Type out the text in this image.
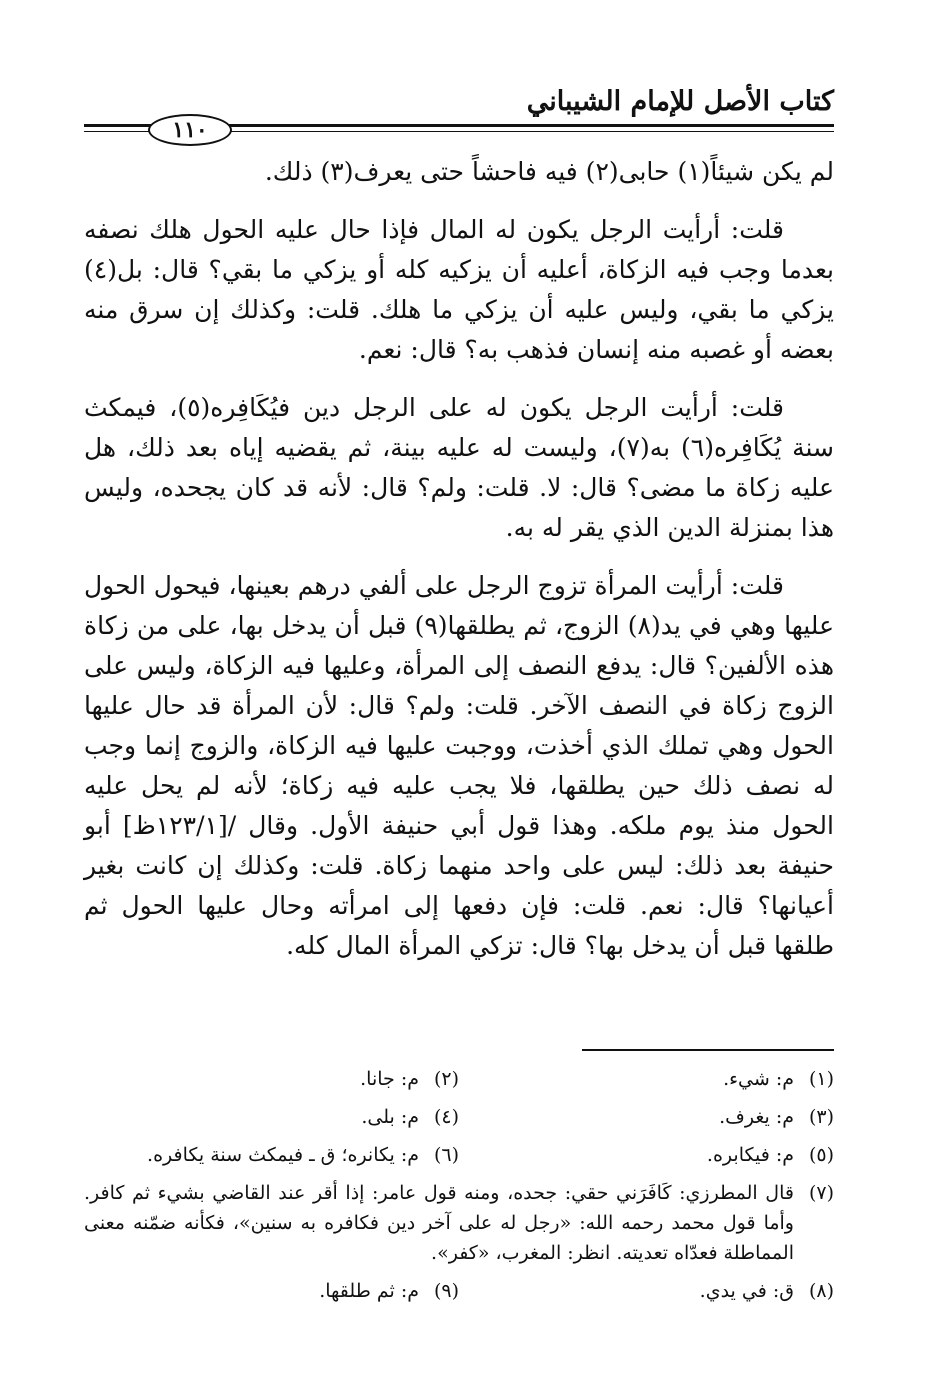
كتاب الأصل للإمام الشيباني
١١٠

لم يكن شيئاً(١) حابى(٢) فيه فاحشاً حتى يعرف(٣) ذلك.

قلت: أرأيت الرجل يكون له المال فإذا حال عليه الحول هلك نصفه بعدما وجب فيه الزكاة، أعليه أن يزكيه كله أو يزكي ما بقي؟ قال: بل(٤) يزكي ما بقي، وليس عليه أن يزكي ما هلك. قلت: وكذلك إن سرق منه بعضه أو غصبه منه إنسان فذهب به؟ قال: نعم.

قلت: أرأيت الرجل يكون له على الرجل دين فيُكَافِره(٥)، فيمكث سنة يُكَافِره(٦) به(٧)، وليست له عليه بينة، ثم يقضيه إياه بعد ذلك، هل عليه زكاة ما مضى؟ قال: لا. قلت: ولم؟ قال: لأنه قد كان يجحده، وليس هذا بمنزلة الدين الذي يقر له به.

قلت: أرأيت المرأة تزوج الرجل على ألفي درهم بعينها، فيحول الحول عليها وهي في يد(٨) الزوج، ثم يطلقها(٩) قبل أن يدخل بها، على من زكاة هذه الألفين؟ قال: يدفع النصف إلى المرأة، وعليها فيه الزكاة، وليس على الزوج زكاة في النصف الآخر. قلت: ولم؟ قال: لأن المرأة قد حال عليها الحول وهي تملك الذي أخذت، ووجبت عليها فيه الزكاة، والزوج إنما وجب له نصف ذلك حين يطلقها، فلا يجب عليه فيه زكاة؛ لأنه لم يحل عليه الحول منذ يوم ملكه. وهذا قول أبي حنيفة الأول. وقال /[١٢٣/١ظ] أبو حنيفة بعد ذلك: ليس على واحد منهما زكاة. قلت: وكذلك إن كانت بغير أعيانها؟ قال: نعم. قلت: فإن دفعها إلى امرأته وحال عليها الحول ثم طلقها قبل أن يدخل بها؟ قال: تزكي المرأة المال كله.

(١)م: شيء.
(٢)م: جانا.
(٣)م: يغرف.
(٤)م: بلى.
(٥)م: فيكابره.
(٦)م: يكانره؛ ق ـ فيمكث سنة يكافره.
(٧)
قال المطرزي: كَافَرَني حقي: جحده، ومنه قول عامر: إذا أقر عند القاضي بشيء ثم كافر. وأما قول محمد رحمه الله: «رجل له على آخر دين فكافره به سنين»، فكأنه ضمّنه معنى المماطلة فعدّاه تعديته. انظر: المغرب، «كفر».
(٨)ق: في يدي.
(٩)م: ثم طلقها.
